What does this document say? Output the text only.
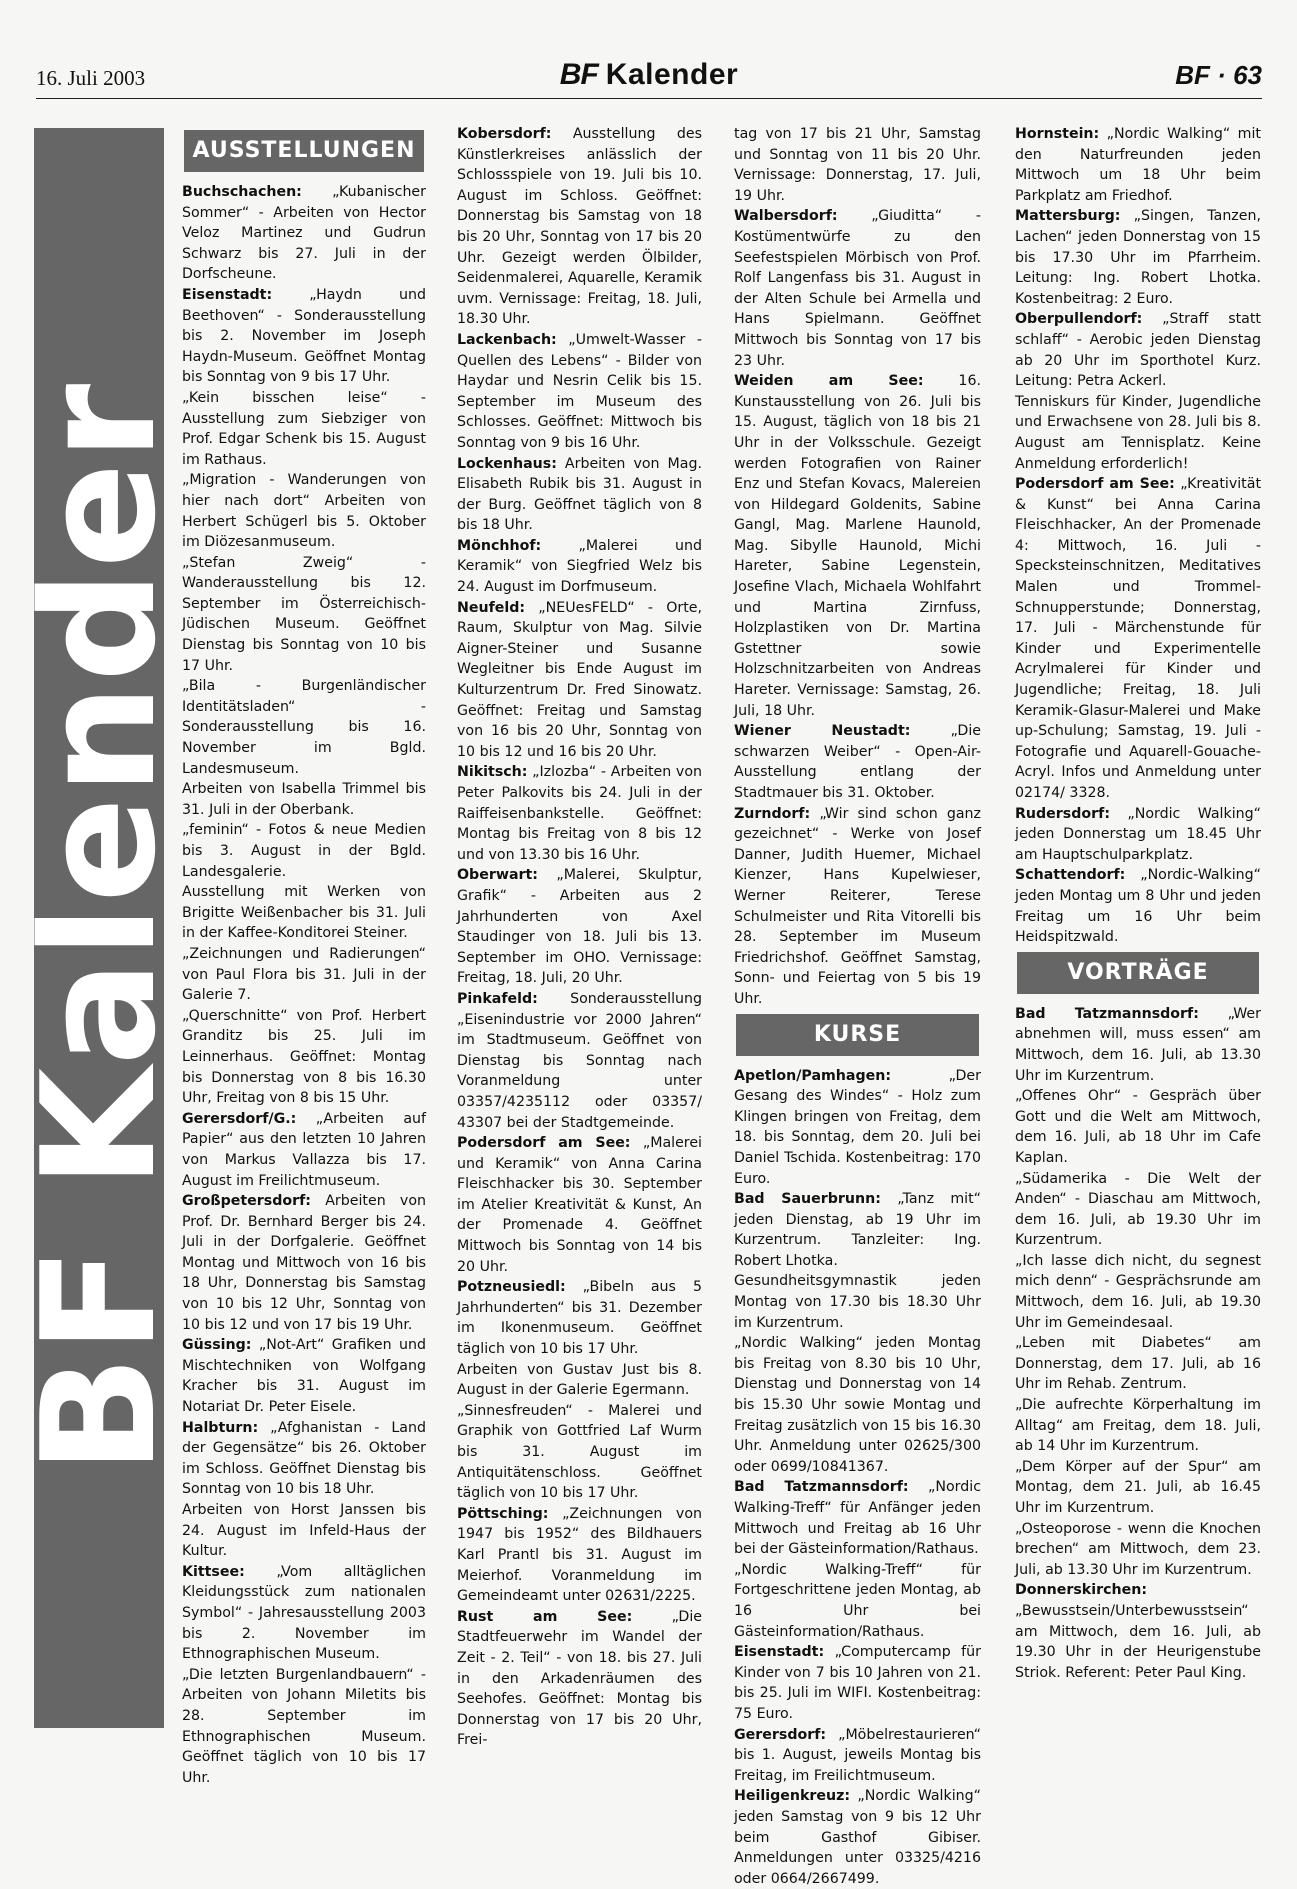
16. Juli 2003	BF Kalender	BF · 63
BF Kalender
AUSSTELLUNGEN

Buchschachen: „Kubanischer Sommer“ - Arbeiten von Hector Veloz Martinez und Gudrun Schwarz bis 27. Juli in der Dorfscheune.

Eisenstadt: „Haydn und Beethoven“ - Sonderausstellung bis 2. November im Joseph Haydn-Museum. Geöffnet Montag bis Sonntag von 9 bis 17 Uhr.

„Kein bisschen leise“ - Ausstellung zum Siebziger von Prof. Edgar Schenk bis 15. August im Rathaus.

„Migration - Wanderungen von hier nach dort“ Arbeiten von Herbert Schügerl bis 5. Oktober im Diözesanmuseum.

„Stefan Zweig“ - Wanderausstellung bis 12. September im Österreichisch-Jüdischen Museum. Geöffnet Dienstag bis Sonntag von 10 bis 17 Uhr.

„Bila - Burgenländischer Identitätsladen“ - Sonderausstellung bis 16. November im Bgld. Landesmuseum.

Arbeiten von Isabella Trimmel bis 31. Juli in der Oberbank.

„feminin“ - Fotos & neue Medien bis 3. August in der Bgld. Landesgalerie.

Ausstellung mit Werken von Brigitte Weißenbacher bis 31. Juli in der Kaffee-Konditorei Steiner.

„Zeichnungen und Radierungen“ von Paul Flora bis 31. Juli in der Galerie 7.

„Querschnitte“ von Prof. Herbert Granditz bis 25. Juli im Leinnerhaus. Geöffnet: Montag bis Donnerstag von 8 bis 16.30 Uhr, Freitag von 8 bis 15 Uhr.

Gerersdorf/G.: „Arbeiten auf Papier“ aus den letzten 10 Jahren von Markus Vallazza bis 17. August im Freilichtmuseum.

Großpetersdorf: Arbeiten von Prof. Dr. Bernhard Berger bis 24. Juli in der Dorfgalerie. Geöffnet Montag und Mittwoch von 16 bis 18 Uhr, Donnerstag bis Samstag von 10 bis 12 Uhr, Sonntag von 10 bis 12 und von 17 bis 19 Uhr.

Güssing: „Not-Art“ Grafiken und Mischtechniken von Wolfgang Kracher bis 31. August im Notariat Dr. Peter Eisele.

Halbturn: „Afghanistan - Land der Gegensätze“ bis 26. Oktober im Schloss. Geöffnet Dienstag bis Sonntag von 10 bis 18 Uhr.

Arbeiten von Horst Janssen bis 24. August im Infeld-Haus der Kultur.

Kittsee: „Vom alltäglichen Kleidungsstück zum nationalen Symbol“ - Jahresausstellung 2003 bis 2. November im Ethnographischen Museum.

„Die letzten Burgenlandbauern“ - Arbeiten von Johann Miletits bis 28. September im Ethnographischen Museum. Geöffnet täglich von 10 bis 17 Uhr.

Kobersdorf: Ausstellung des Künstlerkreises anlässlich der Schlossspiele von 19. Juli bis 10. August im Schloss. Geöffnet: Donnerstag bis Samstag von 18 bis 20 Uhr, Sonntag von 17 bis 20 Uhr. Gezeigt werden Ölbilder, Seidenmalerei, Aquarelle, Keramik uvm. Vernissage: Freitag, 18. Juli, 18.30 Uhr.

Lackenbach: „Umwelt-Wasser - Quellen des Lebens“ - Bilder von Haydar und Nesrin Celik bis 15. September im Museum des Schlosses. Geöffnet: Mittwoch bis Sonntag von 9 bis 16 Uhr.

Lockenhaus: Arbeiten von Mag. Elisabeth Rubik bis 31. August in der Burg. Geöffnet täglich von 8 bis 18 Uhr.

Mönchhof: „Malerei und Keramik“ von Siegfried Welz bis 24. August im Dorfmuseum.

Neufeld: „NEUesFELD“ - Orte, Raum, Skulptur von Mag. Silvie Aigner-Steiner und Susanne Wegleitner bis Ende August im Kulturzentrum Dr. Fred Sinowatz. Geöffnet: Freitag und Samstag von 16 bis 20 Uhr, Sonntag von 10 bis 12 und 16 bis 20 Uhr.

Nikitsch: „Izlozba“ - Arbeiten von Peter Palkovits bis 24. Juli in der Raiffeisenbankstelle. Geöffnet: Montag bis Freitag von 8 bis 12 und von 13.30 bis 16 Uhr.

Oberwart: „Malerei, Skulptur, Grafik“ - Arbeiten aus 2 Jahrhunderten von Axel Staudinger von 18. Juli bis 13. September im OHO. Vernissage: Freitag, 18. Juli, 20 Uhr.

Pinkafeld: Sonderausstellung „Eisenindustrie vor 2000 Jahren“ im Stadtmuseum. Geöffnet von Dienstag bis Sonntag nach Voranmeldung unter 03357/4235112 oder 03357/ 43307 bei der Stadtgemeinde.

Podersdorf am See: „Malerei und Keramik“ von Anna Carina Fleischhacker bis 30. September im Atelier Kreativität & Kunst, An der Promenade 4. Geöffnet Mittwoch bis Sonntag von 14 bis 20 Uhr.

Potzneusiedl: „Bibeln aus 5 Jahrhunderten“ bis 31. Dezember im Ikonenmuseum. Geöffnet täglich von 10 bis 17 Uhr.

Arbeiten von Gustav Just bis 8. August in der Galerie Egermann.

„Sinnesfreuden“ - Malerei und Graphik von Gottfried Laf Wurm bis 31. August im Antiquitätenschloss. Geöffnet täglich von 10 bis 17 Uhr.

Pöttsching: „Zeichnungen von 1947 bis 1952“ des Bildhauers Karl Prantl bis 31. August im Meierhof. Voranmeldung im Gemeindeamt unter 02631/2225.

Rust am See: „Die Stadtfeuerwehr im Wandel der Zeit - 2. Teil“ - von 18. bis 27. Juli in den Arkadenräumen des Seehofes. Geöffnet: Montag bis Donnerstag von 17 bis 20 Uhr, Frei-

tag von 17 bis 21 Uhr, Samstag und Sonntag von 11 bis 20 Uhr. Vernissage: Donnerstag, 17. Juli, 19 Uhr.

Walbersdorf: „Giuditta“ - Kostümentwürfe zu den Seefestspielen Mörbisch von Prof. Rolf Langenfass bis 31. August in der Alten Schule bei Armella und Hans Spielmann. Geöffnet Mittwoch bis Sonntag von 17 bis 23 Uhr.

Weiden am See: 16. Kunstausstellung von 26. Juli bis 15. August, täglich von 18 bis 21 Uhr in der Volksschule. Gezeigt werden Fotografien von Rainer Enz und Stefan Kovacs, Malereien von Hildegard Goldenits, Sabine Gangl, Mag. Marlene Haunold, Mag. Sibylle Haunold, Michi Hareter, Sabine Legenstein, Josefine Vlach, Michaela Wohlfahrt und Martina Zirnfuss, Holzplastiken von Dr. Martina Gstettner sowie Holzschnitzarbeiten von Andreas Hareter. Vernissage: Samstag, 26. Juli, 18 Uhr.

Wiener Neustadt: „Die schwarzen Weiber“ - Open-Air-Ausstellung entlang der Stadtmauer bis 31. Oktober.

Zurndorf: „Wir sind schon ganz gezeichnet“ - Werke von Josef Danner, Judith Huemer, Michael Kienzer, Hans Kupelwieser, Werner Reiterer, Terese Schulmeister und Rita Vitorelli bis 28. September im Museum Friedrichshof. Geöffnet Samstag, Sonn- und Feiertag von 5 bis 19 Uhr.

KURSE

Apetlon/Pamhagen: „Der Gesang des Windes“ - Holz zum Klingen bringen von Freitag, dem 18. bis Sonntag, dem 20. Juli bei Daniel Tschida. Kostenbeitrag: 170 Euro.

Bad Sauerbrunn: „Tanz mit“ jeden Dienstag, ab 19 Uhr im Kurzentrum. Tanzleiter: Ing. Robert Lhotka.

Gesundheitsgymnastik jeden Montag von 17.30 bis 18.30 Uhr im Kurzentrum.

„Nordic Walking“ jeden Montag bis Freitag von 8.30 bis 10 Uhr, Dienstag und Donnerstag von 14 bis 15.30 Uhr sowie Montag und Freitag zusätzlich von 15 bis 16.30 Uhr. Anmeldung unter 02625/300 oder 0699/10841367.

Bad Tatzmannsdorf: „Nordic Walking-Treff“ für Anfänger jeden Mittwoch und Freitag ab 16 Uhr bei der Gästeinformation/Rathaus.

„Nordic Walking-Treff“ für Fortgeschrittene jeden Montag, ab 16 Uhr bei Gästeinformation/Rathaus.

Eisenstadt: „Computercamp für Kinder von 7 bis 10 Jahren von 21. bis 25. Juli im WIFI. Kostenbeitrag: 75 Euro.

Gerersdorf: „Möbelrestaurieren“ bis 1. August, jeweils Montag bis Freitag, im Freilichtmuseum.

Heiligenkreuz: „Nordic Walking“ jeden Samstag von 9 bis 12 Uhr beim Gasthof Gibiser. Anmeldungen unter 03325/4216 oder 0664/2667499.

Hornstein: „Nordic Walking“ mit den Naturfreunden jeden Mittwoch um 18 Uhr beim Parkplatz am Friedhof.

Mattersburg: „Singen, Tanzen, Lachen“ jeden Donnerstag von 15 bis 17.30 Uhr im Pfarrheim. Leitung: Ing. Robert Lhotka. Kostenbeitrag: 2 Euro.

Oberpullendorf: „Straff statt schlaff“ - Aerobic jeden Dienstag ab 20 Uhr im Sporthotel Kurz. Leitung: Petra Ackerl.

Tenniskurs für Kinder, Jugendliche und Erwachsene von 28. Juli bis 8. August am Tennisplatz. Keine Anmeldung erforderlich!

Podersdorf am See: „Kreativität & Kunst“ bei Anna Carina Fleischhacker, An der Promenade 4: Mittwoch, 16. Juli - Specksteinschnitzen, Meditatives Malen und Trommel-Schnupperstunde; Donnerstag, 17. Juli - Märchenstunde für Kinder und Experimentelle Acrylmalerei für Kinder und Jugendliche; Freitag, 18. Juli Keramik-Glasur-Malerei und Make up-Schulung; Samstag, 19. Juli - Fotografie und Aquarell-Gouache-Acryl. Infos und Anmeldung unter 02174/ 3328.

Rudersdorf: „Nordic Walking“ jeden Donnerstag um 18.45 Uhr am Hauptschulparkplatz.

Schattendorf: „Nordic-Walking“ jeden Montag um 8 Uhr und jeden Freitag um 16 Uhr beim Heidspitzwald.

VORTRÄGE

Bad Tatzmannsdorf: „Wer abnehmen will, muss essen“ am Mittwoch, dem 16. Juli, ab 13.30 Uhr im Kurzentrum.

„Offenes Ohr“ - Gespräch über Gott und die Welt am Mittwoch, dem 16. Juli, ab 18 Uhr im Cafe Kaplan.

„Südamerika - Die Welt der Anden“ - Diaschau am Mittwoch, dem 16. Juli, ab 19.30 Uhr im Kurzentrum.

„Ich lasse dich nicht, du segnest mich denn“ - Gesprächsrunde am Mittwoch, dem 16. Juli, ab 19.30 Uhr im Gemeindesaal.

„Leben mit Diabetes“ am Donnerstag, dem 17. Juli, ab 16 Uhr im Rehab. Zentrum.

„Die aufrechte Körperhaltung im Alltag“ am Freitag, dem 18. Juli, ab 14 Uhr im Kurzentrum.

„Dem Körper auf der Spur“ am Montag, dem 21. Juli, ab 16.45 Uhr im Kurzentrum.

„Osteoporose - wenn die Knochen brechen“ am Mittwoch, dem 23. Juli, ab 13.30 Uhr im Kurzentrum.

Donnerskirchen: „Bewusstsein/Unterbewusstsein“ am Mittwoch, dem 16. Juli, ab 19.30 Uhr in der Heurigenstube Striok. Referent: Peter Paul King.
